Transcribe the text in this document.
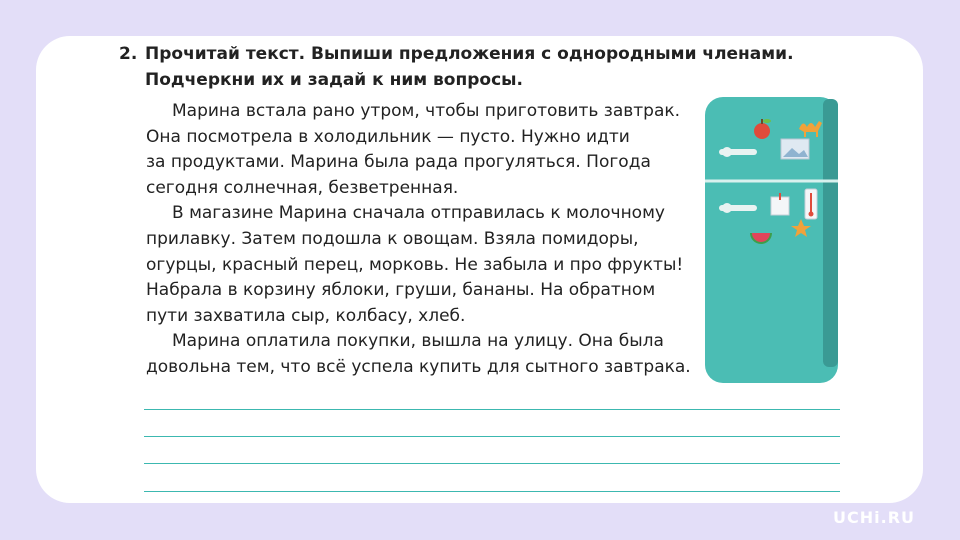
2. Прочитай текст. Выпиши предложения с однородными членами.
Подчеркни их и задай к ним вопросы.
Марина встала рано утром, чтобы приготовить завтрак.
Она посмотрела в холодильник — пусто. Нужно идти
за продуктами. Марина была рада прогуляться. Погода
сегодня солнечная, безветренная.
В магазине Марина сначала отправилась к молочному
прилавку. Затем подошла к овощам. Взяла помидоры,
огурцы, красный перец, морковь. Не забыла и про фрукты!
Набрала в корзину яблоки, груши, бананы. На обратном
пути захватила сыр, колбасу, хлеб.
Марина оплатила покупки, вышла на улицу. Она была
довольна тем, что всё успела купить для сытного завтрака.
UCHi.RU
